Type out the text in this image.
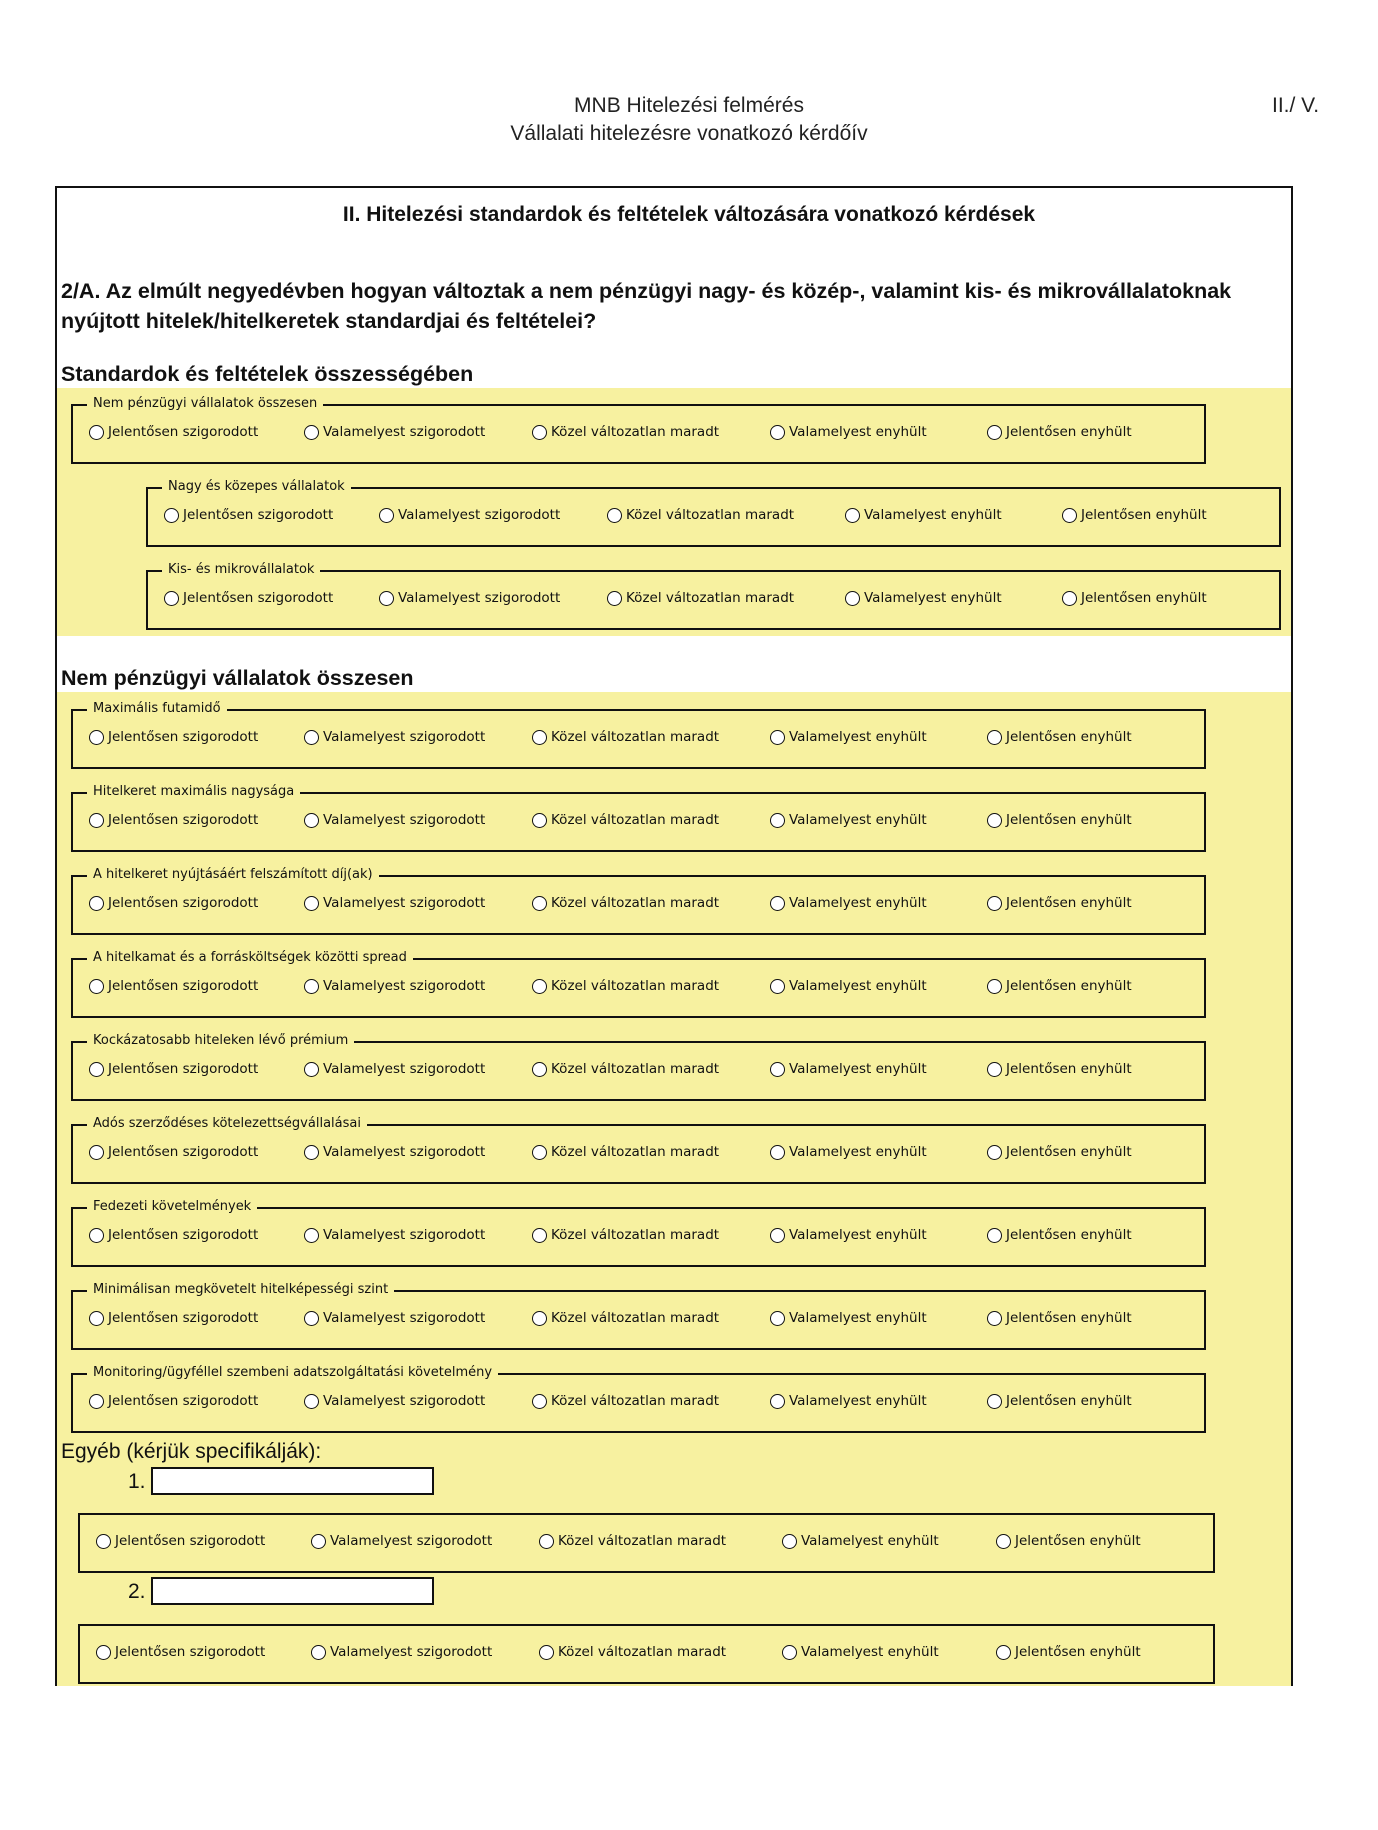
MNB Hitelezési felmérés
Vállalati hitelezésre vonatkozó kérdőív
II./ V.
II. Hitelezési standardok és feltételek változására vonatkozó kérdések
2/A. Az elmúlt negyedévben hogyan változtak a nem pénzügyi nagy- és közép-, valamint kis- és mikrovállalatoknak nyújtott hitelek/hitelkeretek standardjai és feltételei?
Standardok és feltételek összességében
Nem pénzügyi vállalatok összesen
Nem pénzügyi vállalatok összesen
Jelentősen szigorodott	Valamelyest szigorodott	Közel változatlan maradt	Valamelyest enyhült	Jelentősen enyhült
Nagy és közepes vállalatok
Jelentősen szigorodott	Valamelyest szigorodott	Közel változatlan maradt	Valamelyest enyhült	Jelentősen enyhült
Kis- és mikrovállalatok
Jelentősen szigorodott	Valamelyest szigorodott	Közel változatlan maradt	Valamelyest enyhült	Jelentősen enyhült
Maximális futamidő
Jelentősen szigorodott	Valamelyest szigorodott	Közel változatlan maradt	Valamelyest enyhült	Jelentősen enyhült
Hitelkeret maximális nagysága
Jelentősen szigorodott	Valamelyest szigorodott	Közel változatlan maradt	Valamelyest enyhült	Jelentősen enyhült
A hitelkeret nyújtásáért felszámított díj(ak)
Jelentősen szigorodott	Valamelyest szigorodott	Közel változatlan maradt	Valamelyest enyhült	Jelentősen enyhült
A hitelkamat és a forrásköltségek közötti spread
Jelentősen szigorodott	Valamelyest szigorodott	Közel változatlan maradt	Valamelyest enyhült	Jelentősen enyhült
Kockázatosabb hiteleken lévő prémium
Jelentősen szigorodott	Valamelyest szigorodott	Közel változatlan maradt	Valamelyest enyhült	Jelentősen enyhült
Adós szerződéses kötelezettségvállalásai
Jelentősen szigorodott	Valamelyest szigorodott	Közel változatlan maradt	Valamelyest enyhült	Jelentősen enyhült
Fedezeti követelmények
Jelentősen szigorodott	Valamelyest szigorodott	Közel változatlan maradt	Valamelyest enyhült	Jelentősen enyhült
Minimálisan megkövetelt hitelképességi szint
Jelentősen szigorodott	Valamelyest szigorodott	Közel változatlan maradt	Valamelyest enyhült	Jelentősen enyhült
Monitoring/ügyféllel szembeni adatszolgáltatási követelmény
Jelentősen szigorodott	Valamelyest szigorodott	Közel változatlan maradt	Valamelyest enyhült	Jelentősen enyhült
Jelentősen szigorodott	Valamelyest szigorodott	Közel változatlan maradt	Valamelyest enyhült	Jelentősen enyhült
Jelentősen szigorodott	Valamelyest szigorodott	Közel változatlan maradt	Valamelyest enyhült	Jelentősen enyhült
Egyéb (kérjük specifikálják):
1.
2.
